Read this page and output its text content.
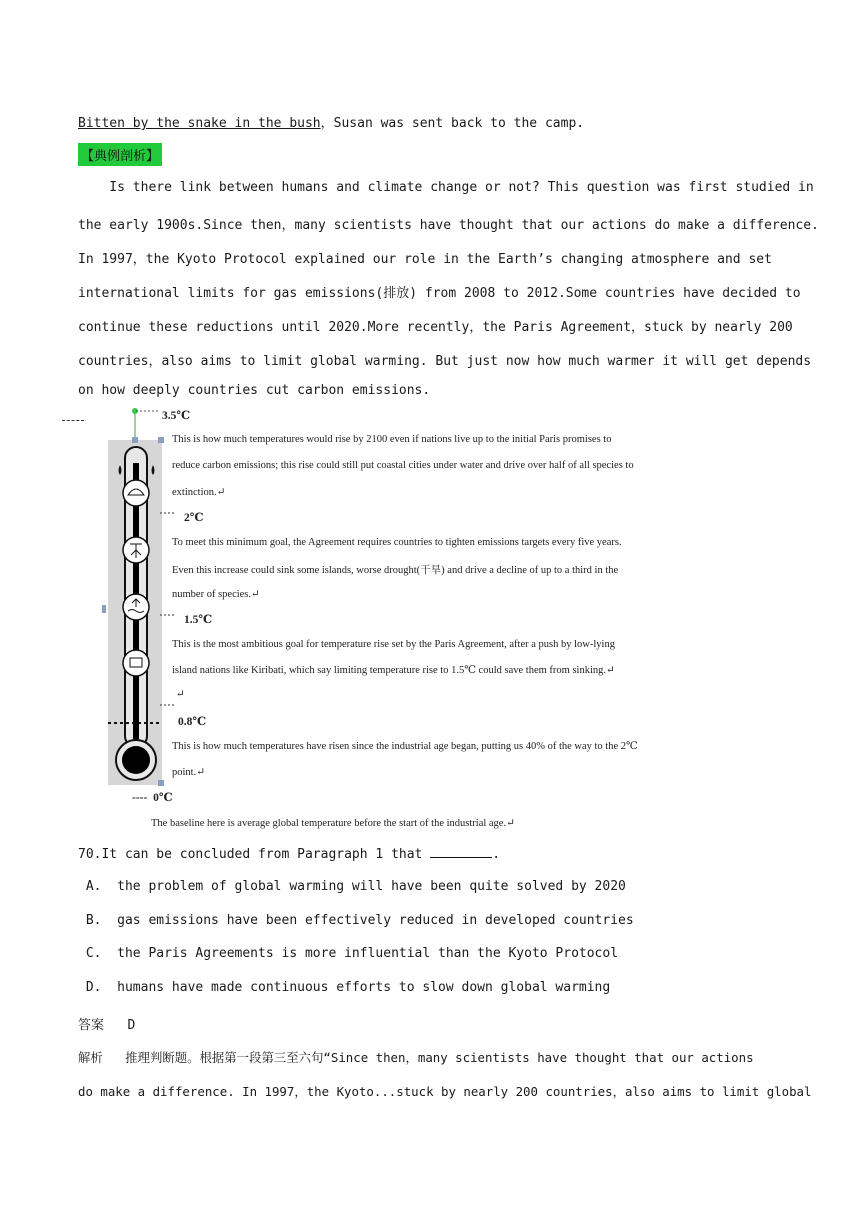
Bitten by the snake in the bush，Susan was sent back to the camp.
【典例剖析】
Is there link between humans and climate change or not? This question was first studied in
the early 1900s.Since then，many scientists have thought that our actions do make a difference.
In 1997，the Kyoto Protocol explained our role in the Earth’s changing atmosphere and set
international limits for gas emissions(排放) from 2008 to 2012.Some countries have decided to
continue these reductions until 2020.More recently，the Paris Agreement，stuck by nearly 200
countries，also aims to limit global warming. But just now how much warmer it will get depends
on how deeply countries cut carbon emissions.
3.5℃
This is how much temperatures would rise by 2100 even if nations live up to the initial Paris promises to
reduce carbon emissions; this rise could still put coastal cities under water and drive over half of all species to
extinction.↵
2℃
To meet this minimum goal, the Agreement requires countries to tighten emissions targets every five years.
Even this increase could sink some islands, worse drought(干旱) and drive a decline of up to a third in the
number of species.↵
1.5℃
This is the most ambitious goal for temperature rise set by the Paris Agreement, after a push by low-lying
island nations like Kiribati, which say limiting temperature rise to 1.5℃ could save them from sinking.↵
↵
0.8℃
This is how much temperatures have risen since the industrial age began, putting us 40% of the way to the 2℃
point.↵
---- 0℃
The baseline here is average global temperature before the start of the industrial age.↵
70.It can be concluded from Paragraph 1 that	.
A.  the problem of global warming will have been quite solved by 2020
B.  gas emissions have been effectively reduced in developed countries
C.  the Paris Agreements is more influential than the Kyoto Protocol
D.  humans have made continuous efforts to slow down global warming
答案   D
解析   推理判断题。根据第一段第三至六句“Since then，many scientists have thought that our actions
do make a difference. In 1997，the Kyoto...stuck by nearly 200 countries，also aims to limit global
